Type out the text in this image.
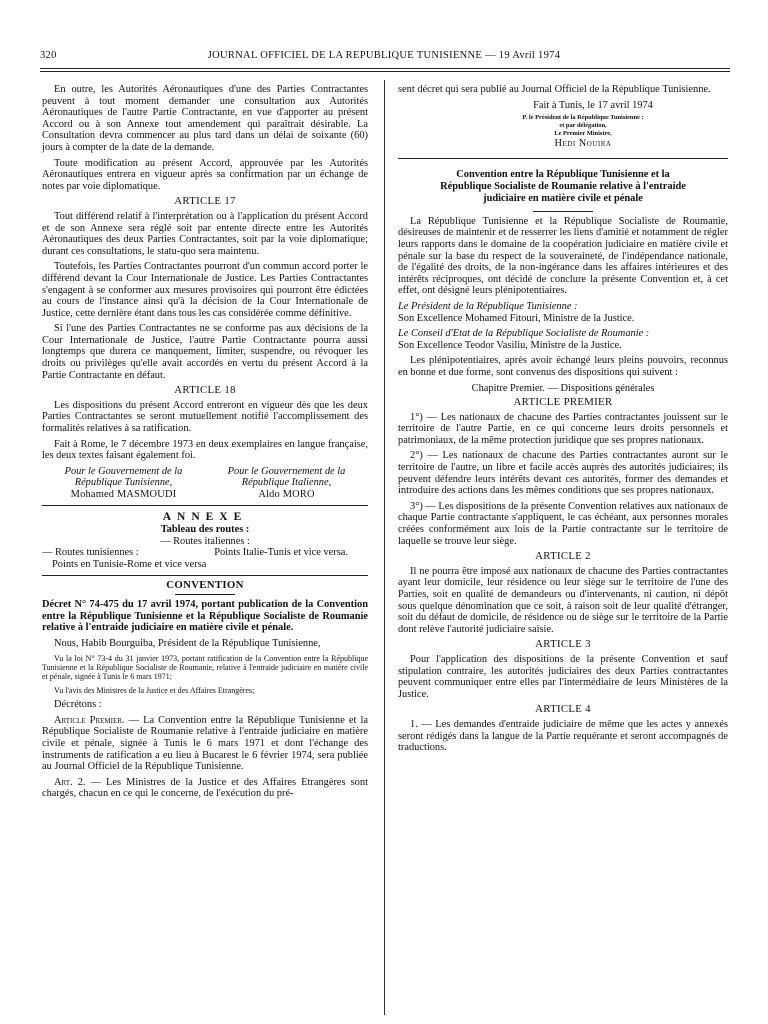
320	JOURNAL OFFICIEL DE LA REPUBLIQUE TUNISIENNE — 19 Avril 1974

En outre, les Autorités Aéronautiques d'une des Parties Contractantes peuvent à tout moment demander une consultation aux Autorités Aéronautiques de l'autre Partie Contractante, en vue d'apporter au présent Accord ou à son Annexe tout amendement qui paraîtrait désirable. La Consultation devra commencer au plus tard dans un délai de soixante (60) jours à compter de la date de la demande.

Toute modification au présent Accord, approuvée par les Autorités Aéronautiques entrera en vigueur après sa confirmation par un échange de notes par voie diplomatique.

ARTICLE 17

Tout différend relatif à l'interprétation ou à l'application du présent Accord et de son Annexe sera réglé soit par entente directe entre les Autorités Aéronautiques des deux Parties Contractantes, soit par la voie diplomatique; durant ces consultations, le statu-quo sera maintenu.

Toutefois, les Parties Contractantes pourront d'un commun accord porter le différend devant la Cour Internationale de Justice. Les Parties Contractantes s'engagent à se conformer aux mesures provisoires qui pourront être édictées au cours de l'instance ainsi qu'à la décision de la Cour Internationale de Justice, cette dernière étant dans tous les cas considérée comme définitive.

Si l'une des Parties Contractantes ne se conforme pas aux décisions de la Cour Internationale de Justice, l'autre Partie Contractante pourra aussi longtemps que durera ce manquement, limiter, suspendre, ou révoquer les droits ou privilèges qu'elle avait accordés en vertu du présent Accord à la Partie Contractante en défaut.

ARTICLE 18

Les dispositions du présent Accord entreront en vigueur dès que les deux Parties Contractantes se seront mutuellement notifié l'accomplissement des formalités relatives à sa ratification.

Fait à Rome, le 7 décembre 1973 en deux exemplaires en langue française, les deux textes faisant également foi.

Pour le Gouvernement de la	Pour le Gouvernement de la
République Tunisienne,	République Italienne,
Mohamed MASMOUDI	Aldo MORO
ANNEXE
Tableau des routes :
— Routes italiennes :
— Routes tunisiennes :	Points Italie-Tunis et vice versa.
Points en Tunisie-Rome et vice versa
CONVENTION

Décret N° 74-475 du 17 avril 1974, portant publication de la Convention entre la République Tunisienne et la République Socialiste de Roumanie relative à l'entraide judiciaire en matière civile et pénale.

Nous, Habib Bourguiba, Président de la République Tunisienne,

Vu la loi N° 73-4 du 31 janvier 1973, portant ratification de la Convention entre la République Tunisienne et la République Socialiste de Roumanie, relative à l'entraide judiciaire en matière civile et pénale, signée à Tunis le 6 mars 1971;

Vu l'avis des Ministres de la Justice et des Affaires Etrangères;

Décrétons :

Article Premier. — La Convention entre la République Tunisienne et la République Socialiste de Roumanie relative à l'entraide judiciaire en matière civile et pénale, signée à Tunis le 6 mars 1971 et dont l'échange des instruments de ratification a eu lieu à Bucarest le 6 février 1974, sera publiée au Journal Officiel de la République Tunisienne.

Art. 2. — Les Ministres de la Justice et des Affaires Etrangères sont chargés, chacun en ce qui le concerne, de l'exécution du pré-

sent décret qui sera publié au Journal Officiel de la République Tunisienne.

Fait à Tunis, le 17 avril 1974

P. le Président de la République Tunisienne :

et par délégation,

Le Premier Ministre,

Hedi Nouira
Convention entre la République Tunisienne et la République Socialiste de Roumanie relative à l'entraide judiciaire en matière civile et pénale

La République Tunisienne et la République Socialiste de Roumanie, désireuses de maintenir et de resserrer les liens d'amitié et notamment de régler leurs rapports dans le domaine de la coopération judiciaire en matière civile et pénale sur la base du respect de la souveraineté, de l'indépendance nationale, de l'égalité des droits, de la non-ingérance dans les affaires intérieures et des intérêts réciproques, ont décidé de conclure la présente Convention et, à cet effet, ont désigné leurs plénipotentiaires.

Le Président de la République Tunisienne :

Son Excellence Mohamed Fitouri, Ministre de la Justice.

Le Conseil d'Etat de la République Socialiste de Roumanie :

Son Excellence Teodor Vasiliu, Ministre de la Justice.

Les plénipotentiaires, après avoir échangé leurs pleins pouvoirs, reconnus en bonne et due forme, sont convenus des dispositions qui suivent :

Chapitre Premier. — Dispositions générales
ARTICLE PREMIER

1°) — Les nationaux de chacune des Parties contractantes jouissent sur le territoire de l'autre Partie, en ce qui concerne leurs droits personnels et patrimoniaux, de la même protection juridique que ses propres nationaux.

2°) — Les nationaux de chacune des Parties contractantes auront sur le territoire de l'autre, un libre et facile accès auprès des autorités judiciaires; ils peuvent défendre leurs intérêts devant ces autorités, former des demandes et introduire des actions dans les mêmes conditions que ses propres nationaux.

3°) — Les dispositions de la présente Convention relatives aux nationaux de chaque Partie contractante s'appliquent, le cas échéant, aux personnes morales créées conformément aux lois de la Partie contractante sur le territoire de laquelle se trouve leur siège.

ARTICLE 2

Il ne pourra être imposé aux nationaux de chacune des Parties contractantes ayant leur domicile, leur résidence ou leur siège sur le territoire de l'une des Parties, soit en qualité de demandeurs ou d'intervenants, ni caution, ni dépôt sous quelque dénomination que ce soit, à raison soit de leur qualité d'étranger, soit du défaut de domicile, de résidence ou de siège sur le territoire de la Partie dont relève l'autorité judiciaire saisie.

ARTICLE 3

Pour l'application des dispositions de la présente Convention et sauf stipulation contraire, les autorités judiciaires des deux Parties contractantes peuvent communiquer entre elles par l'intermédiaire de leurs Ministères de la Justice.

ARTICLE 4

1. — Les demandes d'entraide judiciaire de même que les actes y annexés seront rédigés dans la langue de la Partie requérante et seront accompagnés de traductions.
